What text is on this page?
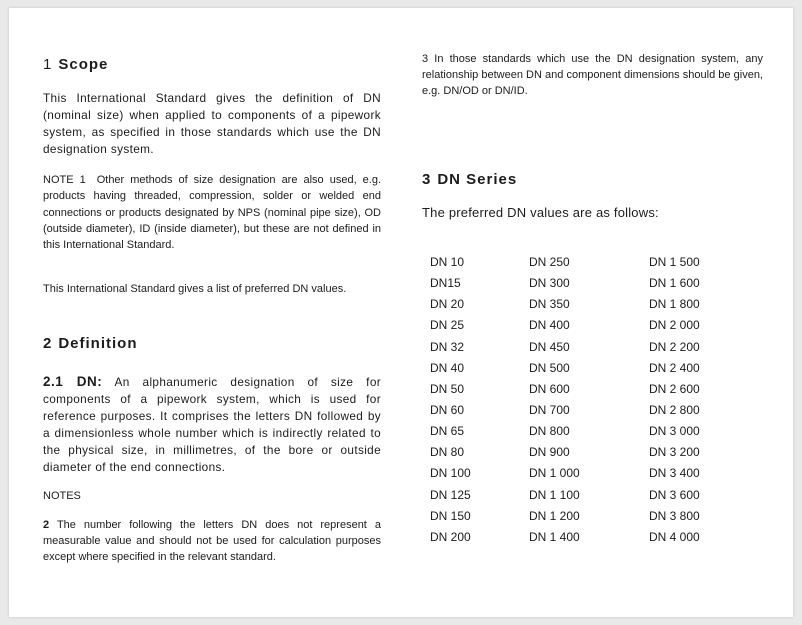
1 Scope

This International Standard gives the definition of DN (nominal size) when applied to components of a pipework system, as specified in those standards which use the DN designation system.

NOTE 1 Other methods of size designation are also used, e.g. products having threaded, compression, solder or welded end connections or products designated by NPS (nominal pipe size), OD (outside diameter), ID (inside diameter), but these are not defined in this International Standard.

This International Standard gives a list of preferred DN values.

2 Definition

2.1 DN: An alphanumeric designation of size for components of a pipework system, which is used for reference purposes. It comprises the letters DN followed by a dimensionless whole number which is indirectly related to the physical size, in millimetres, of the bore or outside diameter of the end connections.

NOTES

2 The number following the letters DN does not represent a measurable value and should not be used for calculation purposes except where specified in the relevant standard.

3 In those standards which use the DN designation system, any relationship between DN and component dimensions should be given, e.g. DN/OD or DN/ID.

3 DN Series

The preferred DN values are as follows:

DN 10
DN15
DN 20
DN 25
DN 32
DN 40
DN 50
DN 60
DN 65
DN 80
DN 100
DN 125
DN 150
DN 200
DN 250
DN 300
DN 350
DN 400
DN 450
DN 500
DN 600
DN 700
DN 800
DN 900
DN 1 000
DN 1 100
DN 1 200
DN 1 400
DN 1 500
DN 1 600
DN 1 800
DN 2 000
DN 2 200
DN 2 400
DN 2 600
DN 2 800
DN 3 000
DN 3 200
DN 3 400
DN 3 600
DN 3 800
DN 4 000
